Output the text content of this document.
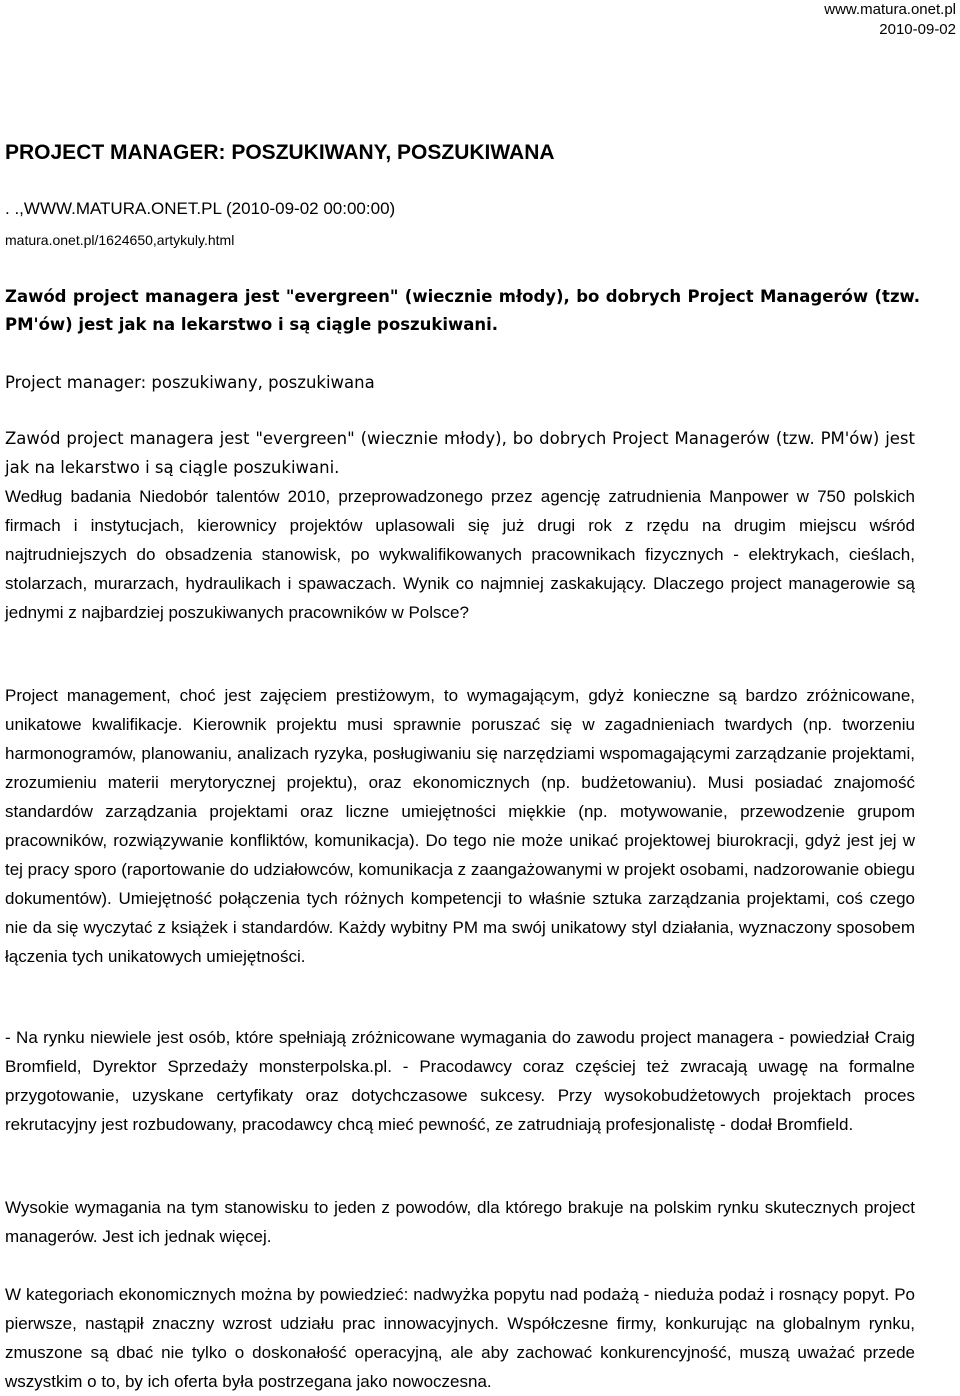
www.matura.onet.pl
2010-09-02
PROJECT MANAGER: POSZUKIWANY, POSZUKIWANA
. .,WWW.MATURA.ONET.PL (2010-09-02 00:00:00)
matura.onet.pl/1624650,artykuly.html
Zawód project managera jest "evergreen" (wiecznie młody), bo dobrych Project Managerów (tzw. PM'ów) jest jak na lekarstwo i są ciągle poszukiwani.
Project manager: poszukiwany, poszukiwana
Zawód project managera jest "evergreen" (wiecznie młody), bo dobrych Project Managerów (tzw. PM'ów) jest jak na lekarstwo i są ciągle poszukiwani.
Według badania Niedobór talentów 2010, przeprowadzonego przez agencję zatrudnienia Manpower w 750 polskich firmach i instytucjach, kierownicy projektów uplasowali się już drugi rok z rzędu na drugim miejscu wśród najtrudniejszych do obsadzenia stanowisk, po wykwalifikowanych pracownikach fizycznych - elektrykach, cieślach, stolarzach, murarzach, hydraulikach i spawaczach. Wynik co najmniej zaskakujący. Dlaczego project managerowie są jednymi z najbardziej poszukiwanych pracowników w Polsce?
Project management, choć jest zajęciem prestiżowym, to wymagającym, gdyż konieczne są bardzo zróżnicowane, unikatowe kwalifikacje. Kierownik projektu musi sprawnie poruszać się w zagadnieniach twardych (np. tworzeniu harmonogramów, planowaniu, analizach ryzyka, posługiwaniu się narzędziami wspomagającymi zarządzanie projektami, zrozumieniu materii merytorycznej projektu), oraz ekonomicznych (np. budżetowaniu). Musi posiadać znajomość standardów zarządzania projektami oraz liczne umiejętności miękkie (np. motywowanie, przewodzenie grupom pracowników, rozwiązywanie konfliktów, komunikacja). Do tego nie może unikać projektowej biurokracji, gdyż jest jej w tej pracy sporo (raportowanie do udziałowców, komunikacja z zaangażowanymi w projekt osobami, nadzorowanie obiegu dokumentów). Umiejętność połączenia tych różnych kompetencji to właśnie sztuka zarządzania projektami, coś czego nie da się wyczytać z książek i standardów. Każdy wybitny PM ma swój unikatowy styl działania, wyznaczony sposobem łączenia tych unikatowych umiejętności.
- Na rynku niewiele jest osób, które spełniają zróżnicowane wymagania do zawodu project managera - powiedział Craig Bromfield, Dyrektor Sprzedaży monsterpolska.pl. - Pracodawcy coraz częściej też zwracają uwagę na formalne przygotowanie, uzyskane certyfikaty oraz dotychczasowe sukcesy. Przy wysokobudżetowych projektach proces rekrutacyjny jest rozbudowany, pracodawcy chcą mieć pewność, ze zatrudniają profesjonalistę - dodał Bromfield.
Wysokie wymagania na tym stanowisku to jeden z powodów, dla którego brakuje na polskim rynku skutecznych project managerów. Jest ich jednak więcej.
W kategoriach ekonomicznych można by powiedzieć: nadwyżka popytu nad podażą - nieduża podaż i rosnący popyt. Po pierwsze, nastąpił znaczny wzrost udziału prac innowacyjnych. Współczesne firmy, konkurując na globalnym rynku, zmuszone są dbać nie tylko o doskonałość operacyjną, ale aby zachować konkurencyjność, muszą uważać przede wszystkim o to, by ich oferta była postrzegana jako nowoczesna.
